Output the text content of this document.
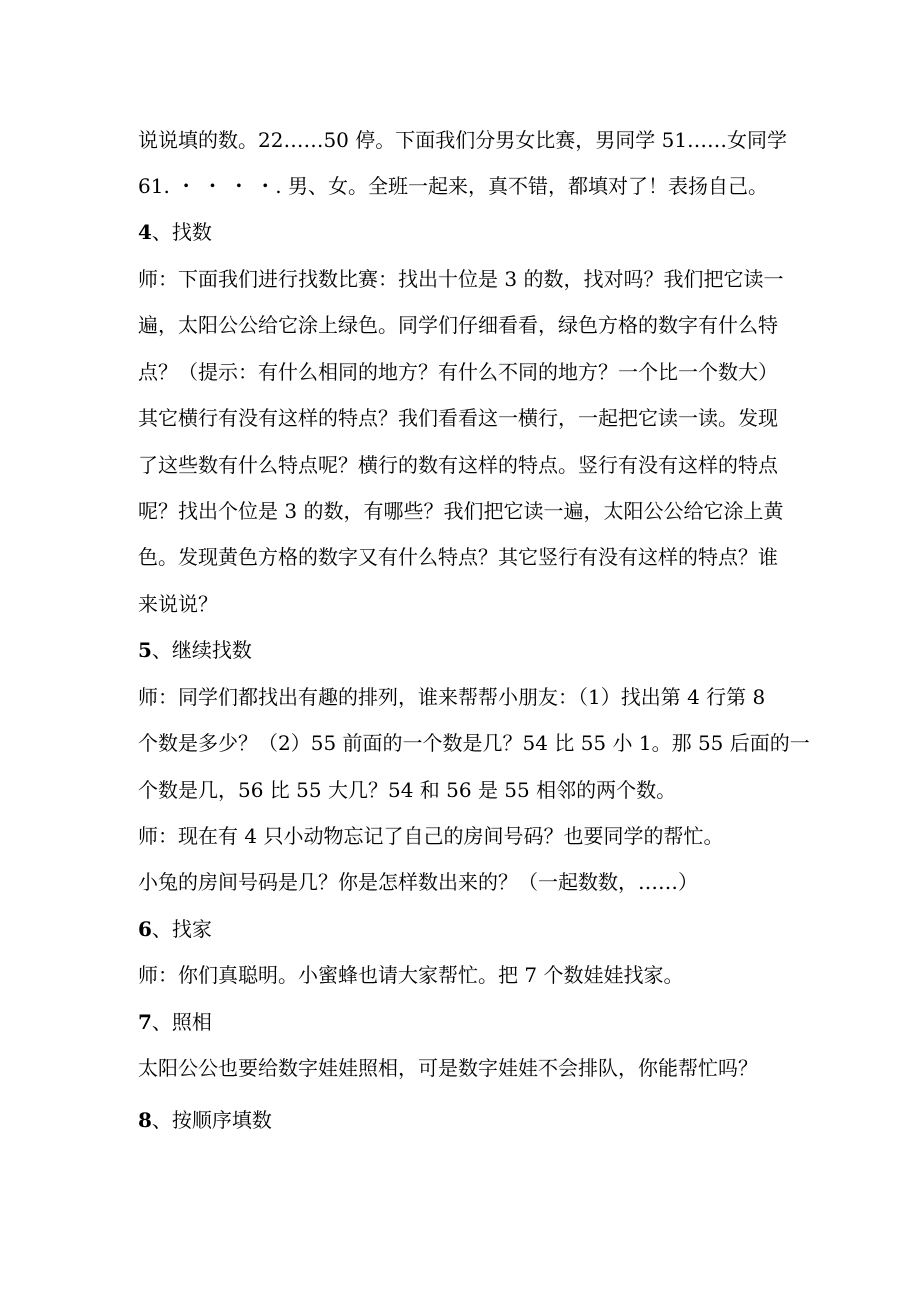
说说填的数。22……50 停。下面我们分男女比赛，男同学 51……女同学
61. ・ ・ ・ ・. 男、女。全班一起来，真不错，都填对了！表扬自己。
4、找数
师：下面我们进行找数比赛：找出十位是 3 的数，找对吗？我们把它读一
遍，太阳公公给它涂上绿色。同学们仔细看看，绿色方格的数字有什么特
点？（提示：有什么相同的地方？有什么不同的地方？一个比一个数大）
其它横行有没有这样的特点？我们看看这一横行，一起把它读一读。发现
了这些数有什么特点呢？横行的数有这样的特点。竖行有没有这样的特点
呢？找出个位是 3 的数，有哪些？我们把它读一遍，太阳公公给它涂上黄
色。发现黄色方格的数字又有什么特点？其它竖行有没有这样的特点？谁
来说说？
5、继续找数
师：同学们都找出有趣的排列，谁来帮帮小朋友：（1）找出第 4 行第 8
个数是多少？（2）55 前面的一个数是几？54 比 55 小 1。那 55 后面的一
个数是几，56 比 55 大几？54 和 56 是 55 相邻的两个数。
师：现在有 4 只小动物忘记了自己的房间号码？也要同学的帮忙。
小兔的房间号码是几？你是怎样数出来的？（一起数数，……）
6、找家
师：你们真聪明。小蜜蜂也请大家帮忙。把 7 个数娃娃找家。
7、照相
太阳公公也要给数字娃娃照相，可是数字娃娃不会排队，你能帮忙吗？
8、按顺序填数
